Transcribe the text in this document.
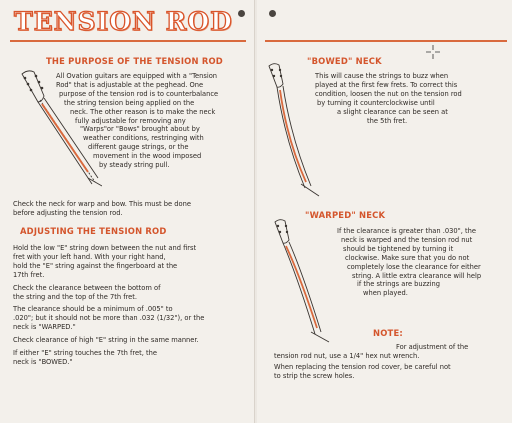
TENSION ROD
THE PURPOSE OF THE TENSION ROD
All Ovation guitars are equipped with a "Tension
Rod" that is adjustable at the peghead. One
purpose of the tension rod is to counterbalance
the string tension being applied on the
neck. The other reason is to make the neck
fully adjustable for removing any
"Warps"or "Bows" brought about by
weather conditions, restringing with
different gauge strings, or the
movement in the wood imposed
by steady string pull.
Check the neck for warp and bow. This must be done
before adjusting the tension rod.
ADJUSTING THE TENSION ROD
Hold the low "E" string down between the nut and first
fret with your left hand. With your right hand,
hold the "E" string against the fingerboard at the
17th fret.
Check the clearance between the bottom of
the string and the top of the 7th fret.
The clearance should be a minimum of .005" to
.020"; but it should not be more than .032 (1/32"), or the
neck is "WARPED."
Check clearance of high "E" string in the same manner.
If either "E" string touches the 7th fret, the
neck is "BOWED."
"BOWED" NECK
This will cause the strings to buzz when
played at the first few frets. To correct this
condition, loosen the nut on the tension rod
by turning it counterclockwise until
a slight clearance can be seen at
the 5th fret.
"WARPED" NECK
If the clearance is greater than .030", the
neck is warped and the tension rod nut
should be tightened by turning it
clockwise. Make sure that you do not
completely lose the clearance for either
string. A little extra clearance will help
if the strings are buzzing
when played.
NOTE:
For adjustment of the
tension rod nut, use a 1/4" hex nut wrench.
When replacing the tension rod cover, be careful not
to strip the screw holes.
